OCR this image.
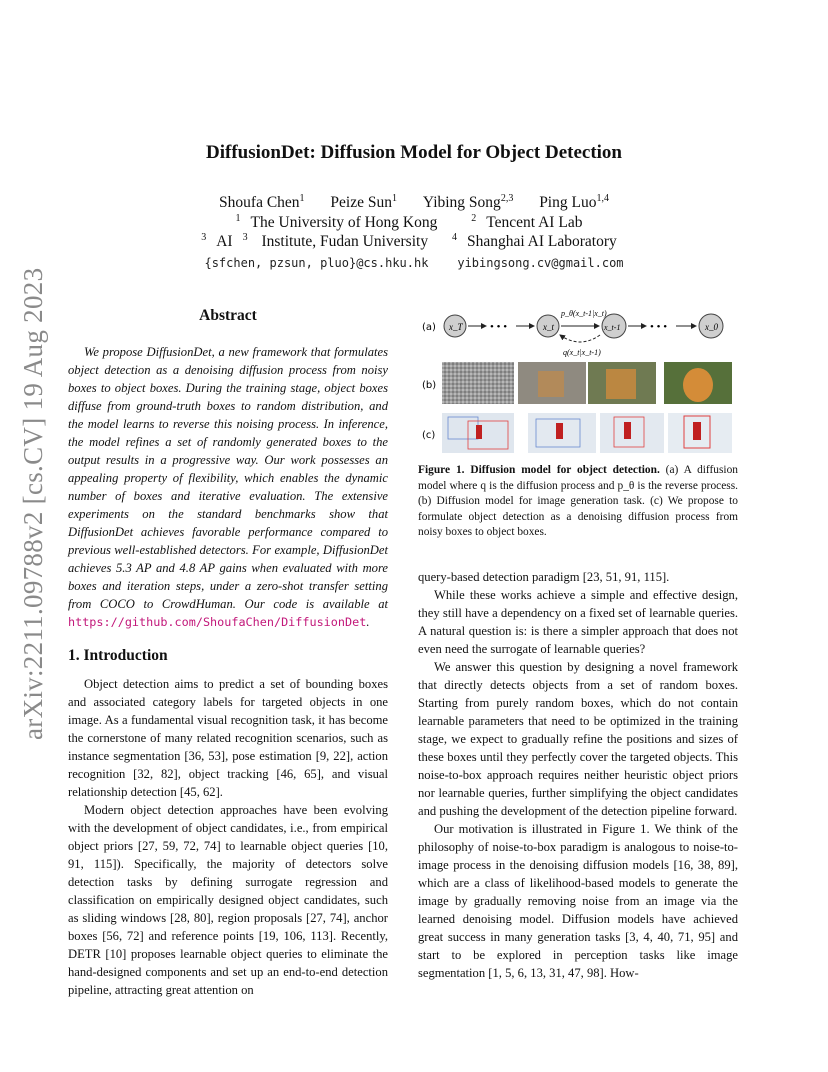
arXiv:2211.09788v2 [cs.CV] 19 Aug 2023
DiffusionDet: Diffusion Model for Object Detection
Shoufa Chen$^1$ Peize Sun$^1$ Yibing Song$^{2,3}$ Ping Luo$^{1,4}$
$^1$ The University of Hong Kong	$^2$ Tencent AI Lab
$^3$ AI $^3$ Institute, Fudan University $^4$ Shanghai AI Laboratory
{sfchen, pzsun, pluo}@cs.hku.hk    yibingsong.cv@gmail.com
Abstract
We propose DiffusionDet, a new framework that formulates object detection as a denoising diffusion process from noisy boxes to object boxes. During the training stage, object boxes diffuse from ground-truth boxes to random distribution, and the model learns to reverse this noising process. In inference, the model refines a set of randomly generated boxes to the output results in a progressive way. Our work possesses an appealing property of flexibility, which enables the dynamic number of boxes and iterative evaluation. The extensive experiments on the standard benchmarks show that DiffusionDet achieves favorable performance compared to previous well-established detectors. For example, DiffusionDet achieves 5.3 AP and 4.8 AP gains when evaluated with more boxes and iteration steps, under a zero-shot transfer setting from COCO to CrowdHuman. Our code is available at https://github.com/ShoufaChen/DiffusionDet.
1. Introduction

Object detection aims to predict a set of bounding boxes and associated category labels for targeted objects in one image. As a fundamental visual recognition task, it has become the cornerstone of many related recognition scenarios, such as instance segmentation [36, 53], pose estimation [9, 22], action recognition [32, 82], object tracking [46, 65], and visual relationship detection [45, 62].

Modern object detection approaches have been evolving with the development of object candidates, i.e., from empirical object priors [27, 59, 72, 74] to learnable object queries [10, 91, 115]). Specifically, the majority of detectors solve detection tasks by defining surrogate regression and classification on empirically designed object candidates, such as sliding windows [28, 80], region proposals [27, 74], anchor boxes [56, 72] and reference points [19, 106, 113]. Recently, DETR [10] proposes learnable object queries to eliminate the hand-designed components and set up an end-to-end detection pipeline, attracting great attention on

(a)
(b)
(c)
x_T	• • •	x_t
p_θ(x_t-1|x_t)
q(x_t|x_t-1)
x_t-1	• • •	x_0
Figure 1. Diffusion model for object detection. (a) A diffusion model where q is the diffusion process and p_θ is the reverse process. (b) Diffusion model for image generation task. (c) We propose to formulate object detection as a denoising diffusion process from noisy boxes to object boxes.

query-based detection paradigm [23, 51, 91, 115].

While these works achieve a simple and effective design, they still have a dependency on a fixed set of learnable queries. A natural question is: is there a simpler approach that does not even need the surrogate of learnable queries?

We answer this question by designing a novel framework that directly detects objects from a set of random boxes. Starting from purely random boxes, which do not contain learnable parameters that need to be optimized in the training stage, we expect to gradually refine the positions and sizes of these boxes until they perfectly cover the targeted objects. This noise-to-box approach requires neither heuristic object priors nor learnable queries, further simplifying the object candidates and pushing the development of the detection pipeline forward.

Our motivation is illustrated in Figure 1. We think of the philosophy of noise-to-box paradigm is analogous to noise-to-image process in the denoising diffusion models [16, 38, 89], which are a class of likelihood-based models to generate the image by gradually removing noise from an image via the learned denoising model. Diffusion models have achieved great success in many generation tasks [3, 4, 40, 71, 95] and start to be explored in perception tasks like image segmentation [1, 5, 6, 13, 31, 47, 98]. How-
